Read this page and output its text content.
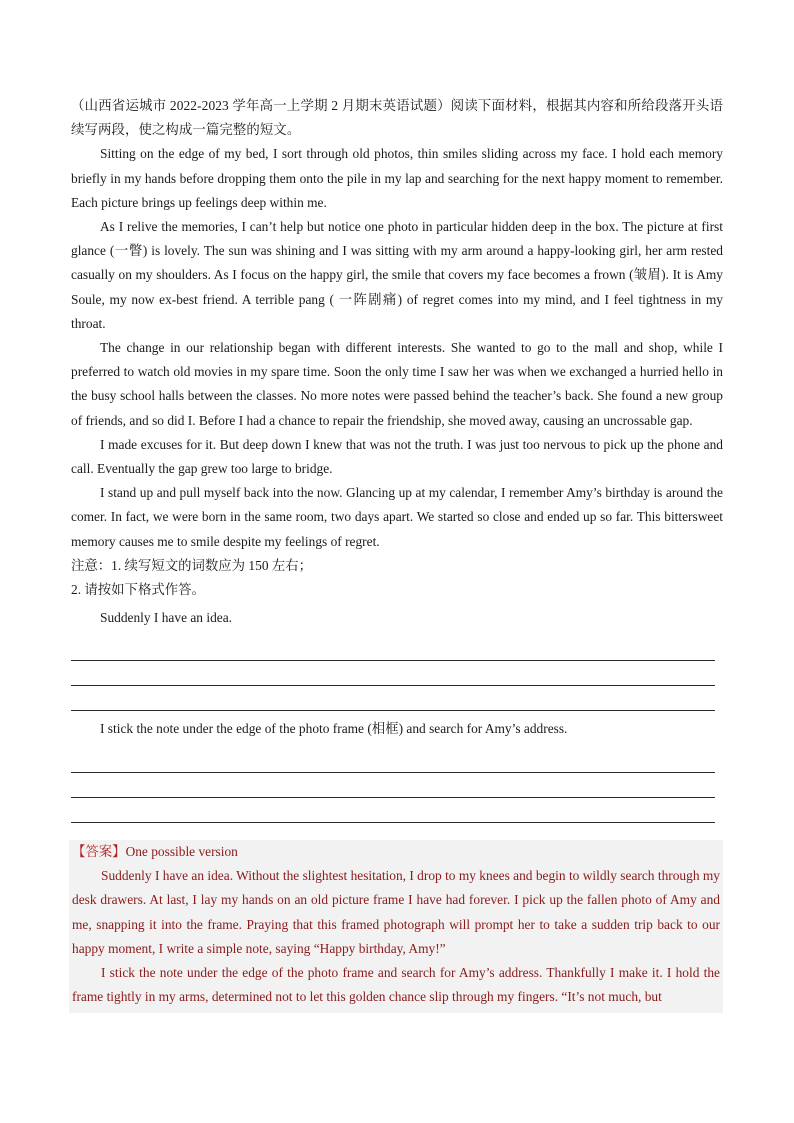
（山西省运城市 2022-2023 学年高一上学期 2 月期末英语试题）阅读下面材料，根据其内容和所给段落开头语续写两段，使之构成一篇完整的短文。

Sitting on the edge of my bed, I sort through old photos, thin smiles sliding across my face. I hold each memory briefly in my hands before dropping them onto the pile in my lap and searching for the next happy moment to remember. Each picture brings up feelings deep within me.

As I relive the memories, I can’t help but notice one photo in particular hidden deep in the box. The picture at first glance (一瞥) is lovely. The sun was shining and I was sitting with my arm around a happy-looking girl, her arm rested casually on my shoulders. As I focus on the happy girl, the smile that covers my face becomes a frown (皱眉). It is Amy Soule, my now ex-best friend. A terrible pang ( 一阵剧痛) of regret comes into my mind, and I feel tightness in my throat.

The change in our relationship began with different interests. She wanted to go to the mall and shop, while I preferred to watch old movies in my spare time. Soon the only time I saw her was when we exchanged a hurried hello in the busy school halls between the classes. No more notes were passed behind the teacher’s back. She found a new group of friends, and so did I. Before I had a chance to repair the friendship, she moved away, causing an uncrossable gap.

I made excuses for it. But deep down I knew that was not the truth. I was just too nervous to pick up the phone and call. Eventually the gap grew too large to bridge.

I stand up and pull myself back into the now. Glancing up at my calendar, I remember Amy’s birthday is around the comer. In fact, we were born in the same room, two days apart. We started so close and ended up so far. This bittersweet memory causes me to smile despite my feelings of regret.

注意：1. 续写短文的词数应为 150 左右；

2. 请按如下格式作答。

Suddenly I have an idea.

I stick the note under the edge of the photo frame (相框) and search for Amy’s address.

【答案】One possible version

Suddenly I have an idea. Without the slightest hesitation, I drop to my knees and begin to wildly search through my desk drawers. At last, I lay my hands on an old picture frame I have had forever. I pick up the fallen photo of Amy and me, snapping it into the frame. Praying that this framed photograph will prompt her to take a sudden trip back to our happy moment, I write a simple note, saying “Happy birthday, Amy!”

I stick the note under the edge of the photo frame and search for Amy’s address. Thankfully I make it. I hold the frame tightly in my arms, determined not to let this golden chance slip through my fingers. “It’s not much, but
